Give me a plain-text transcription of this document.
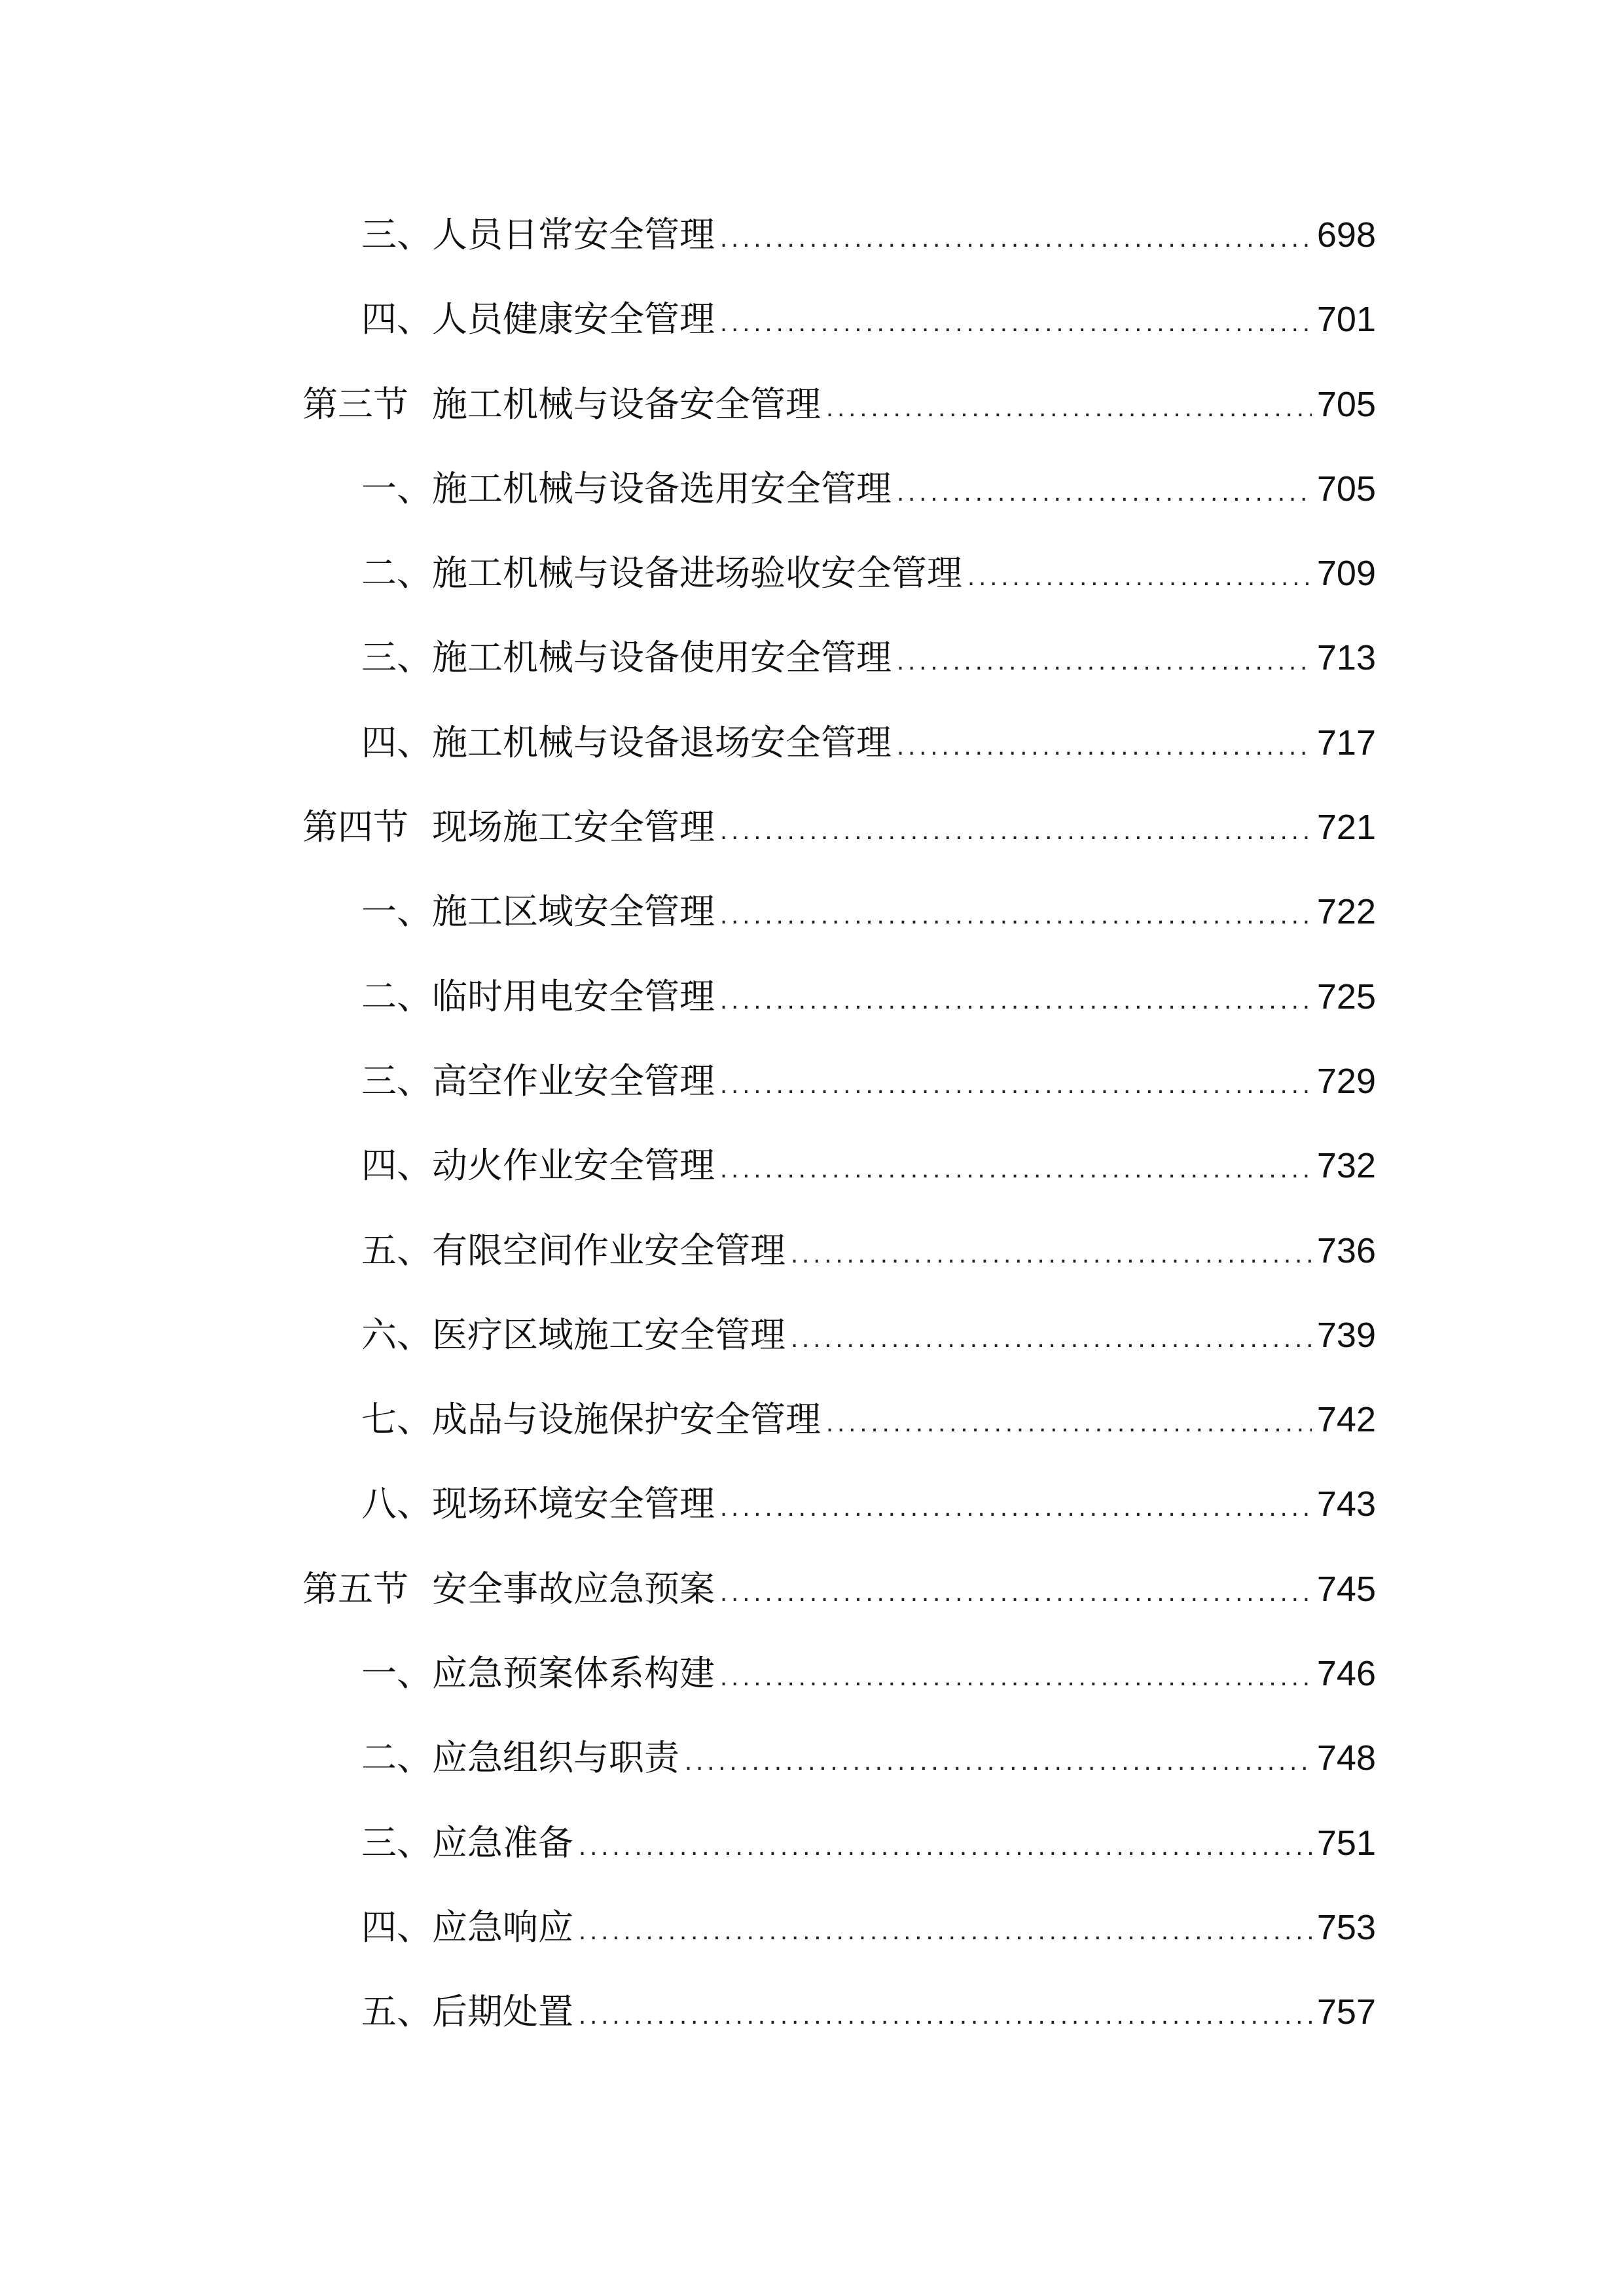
三、人员日常安全管理 .....	698
四、人员健康安全管理 .....	701
第三节 施工机械与设备安全管理 .....	705
一、施工机械与设备选用安全管理 .....	705
二、施工机械与设备进场验收安全管理 .....	709
三、施工机械与设备使用安全管理 .....	713
四、施工机械与设备退场安全管理 .....	717
第四节 现场施工安全管理 .....	721
一、施工区域安全管理 .....	722
二、临时用电安全管理 .....	725
三、高空作业安全管理 .....	729
四、动火作业安全管理 .....	732
五、有限空间作业安全管理 .....	736
六、医疗区域施工安全管理 .....	739
七、成品与设施保护安全管理 .....	742
八、现场环境安全管理 .....	743
第五节 安全事故应急预案 .....	745
一、应急预案体系构建 .....	746
二、应急组织与职责 .....	748
三、应急准备 .....	751
四、应急响应 .....	753
五、后期处置 .....	757
